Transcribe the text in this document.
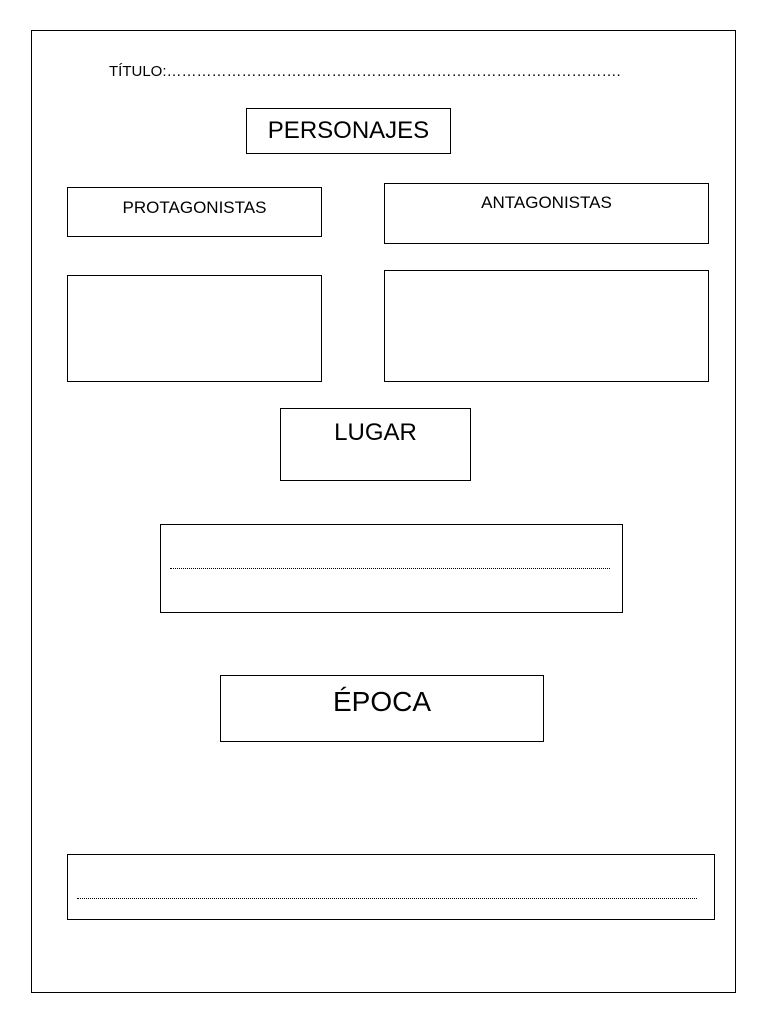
TÍTULO:……………………………………………………………………………….
PERSONAJES
PROTAGONISTAS	ANTAGONISTAS
LUGAR
ÉPOCA
